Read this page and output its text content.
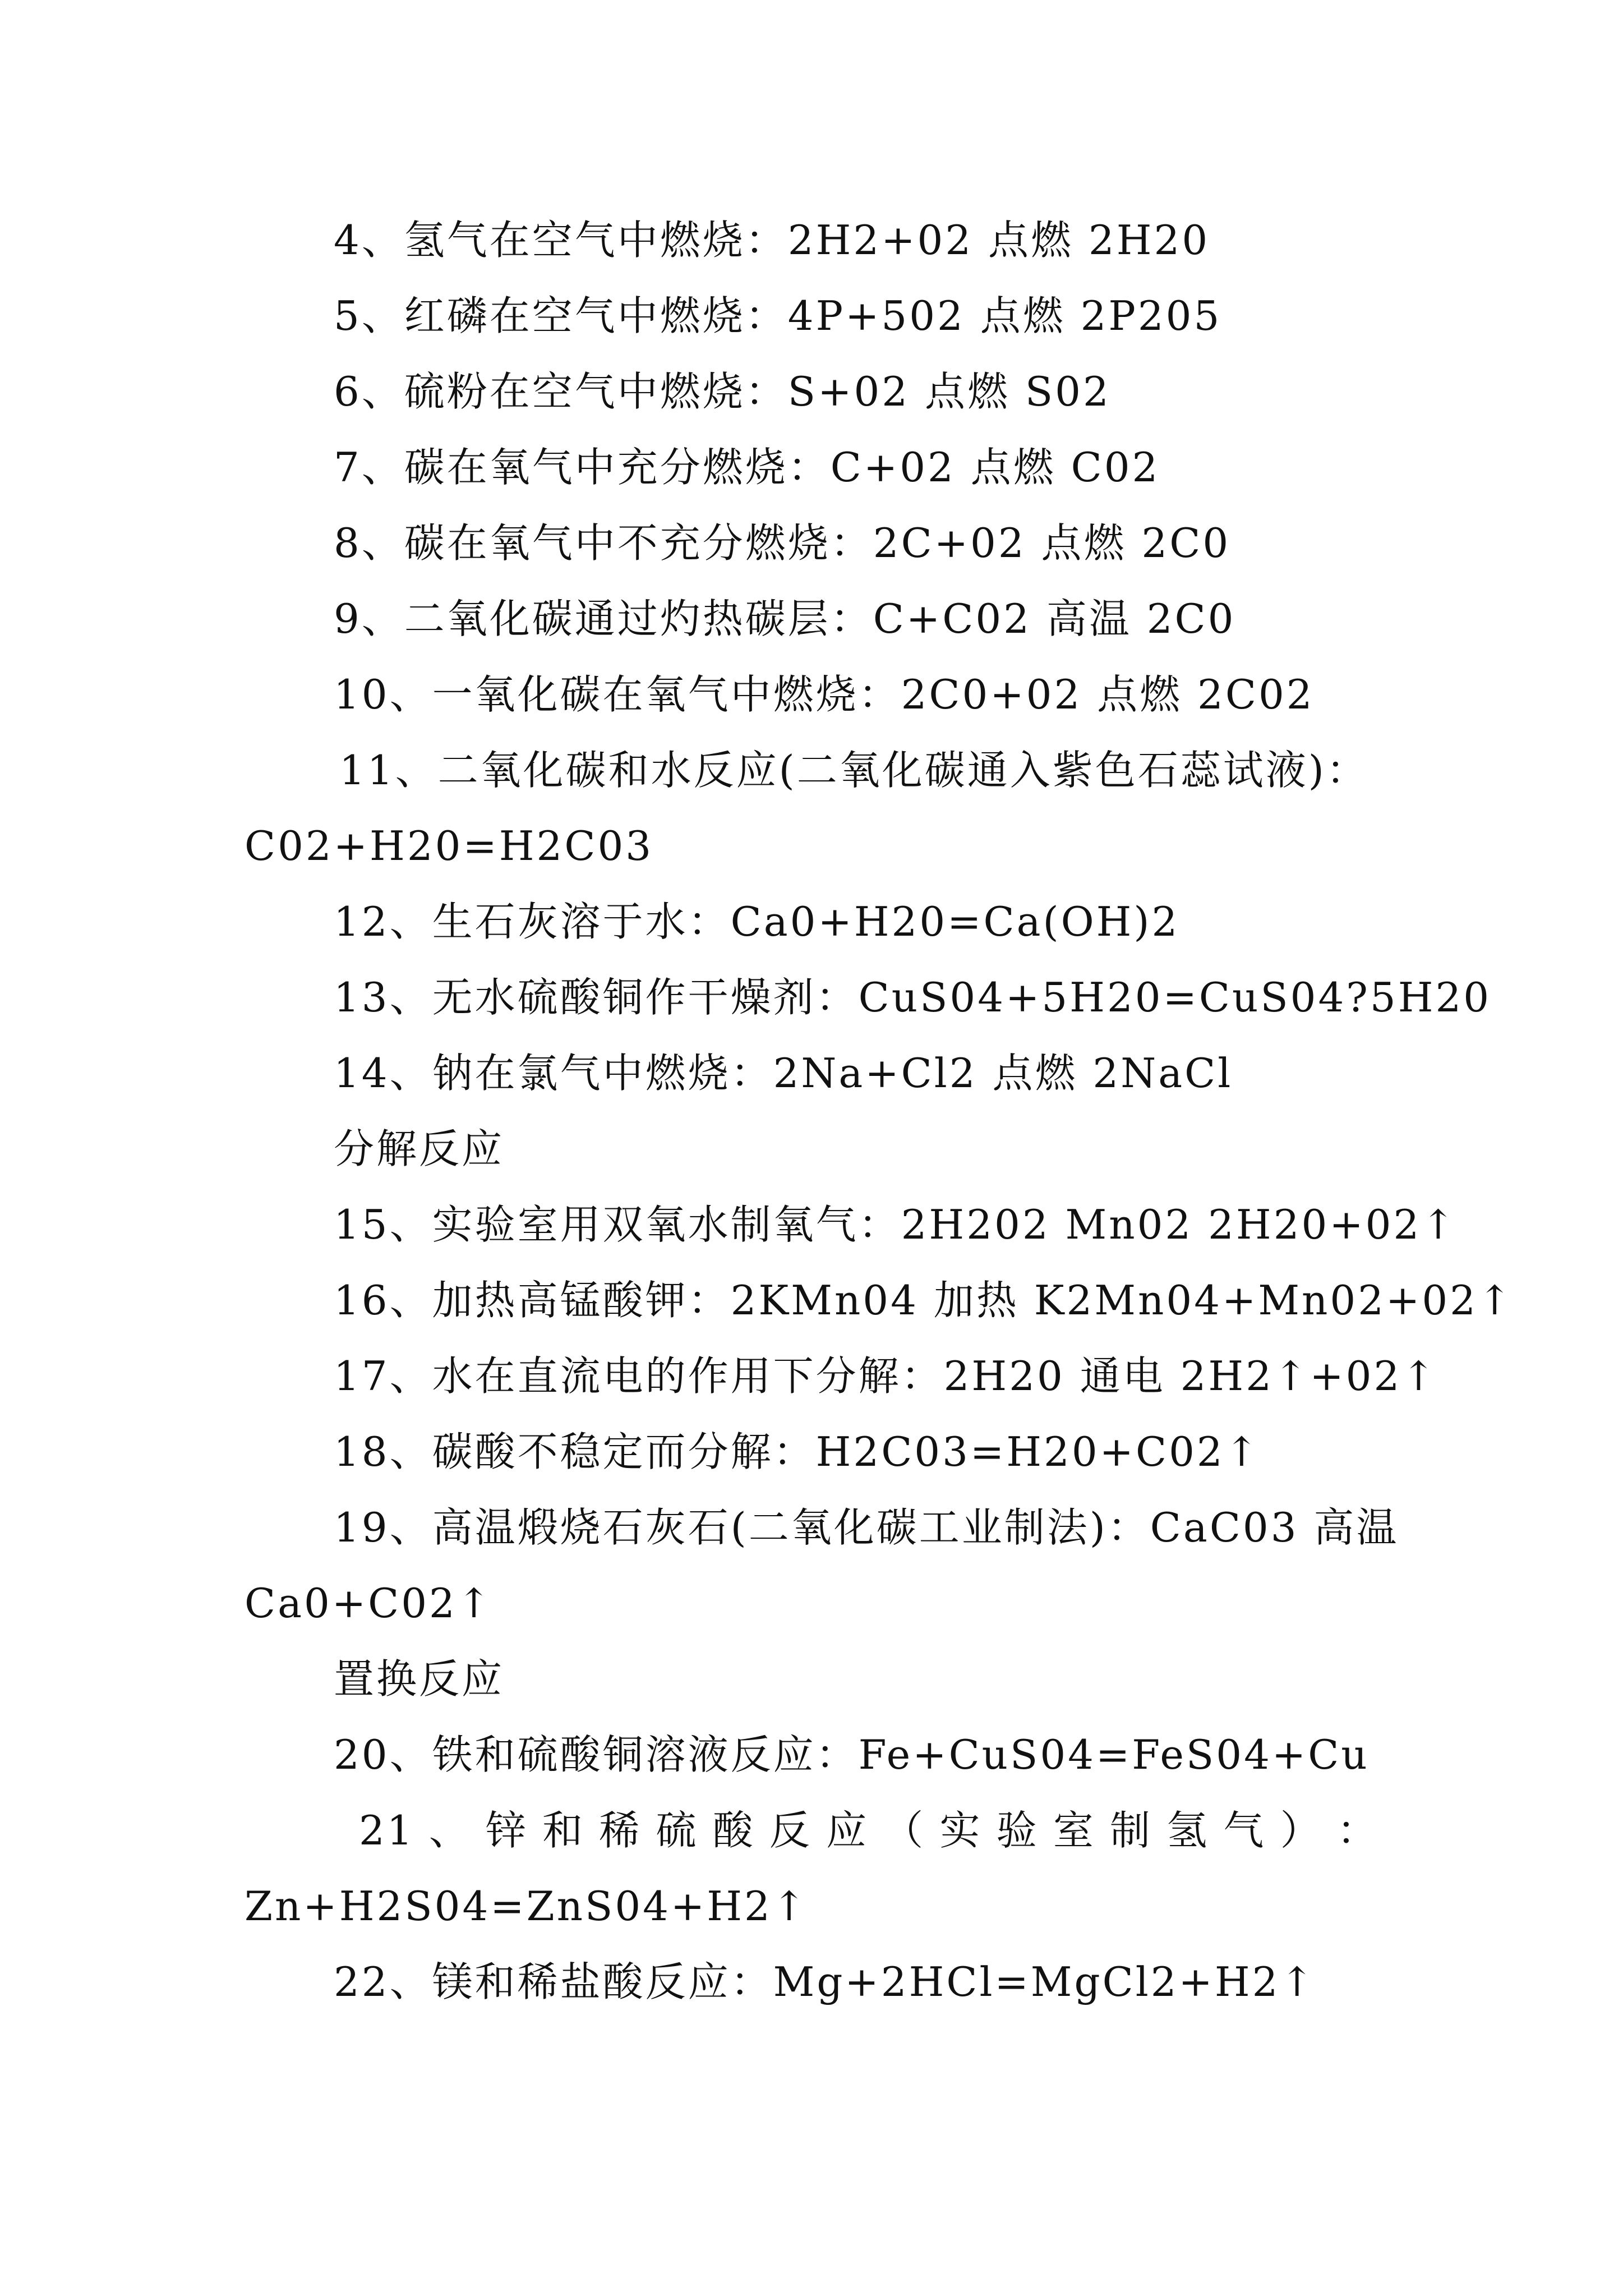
4、氢气在空气中燃烧：2H2+02 点燃 2H20
5、红磷在空气中燃烧：4P+502 点燃 2P205
6、硫粉在空气中燃烧：S+02 点燃 S02
7、碳在氧气中充分燃烧：C+02 点燃 C02
8、碳在氧气中不充分燃烧：2C+02 点燃 2C0
9、二氧化碳通过灼热碳层：C+C02 高温 2C0
10、一氧化碳在氧气中燃烧：2C0+02 点燃 2C02
11、二氧化碳和水反应(二氧化碳通入紫色石蕊试液)：
C02+H20=H2C03
12、生石灰溶于水：Ca0+H20=Ca(OH)2
13、无水硫酸铜作干燥剂：CuS04+5H20=CuS04?5H20
14、钠在氯气中燃烧：2Na+Cl2 点燃 2NaCl
分解反应
15、实验室用双氧水制氧气：2H202 Mn02 2H20+02↑
16、加热高锰酸钾：2KMn04 加热 K2Mn04+Mn02+02↑
17、水在直流电的作用下分解：2H20 通电 2H2↑+02↑
18、碳酸不稳定而分解：H2C03=H20+C02↑
19、高温煅烧石灰石(二氧化碳工业制法)：CaC03 高温
Ca0+C02↑
置换反应
20、铁和硫酸铜溶液反应：Fe+CuS04=FeS04+Cu
21 、 锌 和 稀 硫 酸 反 应 （ 实 验 室 制 氢 气 ） ：
Zn+H2S04=ZnS04+H2↑
22、镁和稀盐酸反应：Mg+2HCl=MgCl2+H2↑
